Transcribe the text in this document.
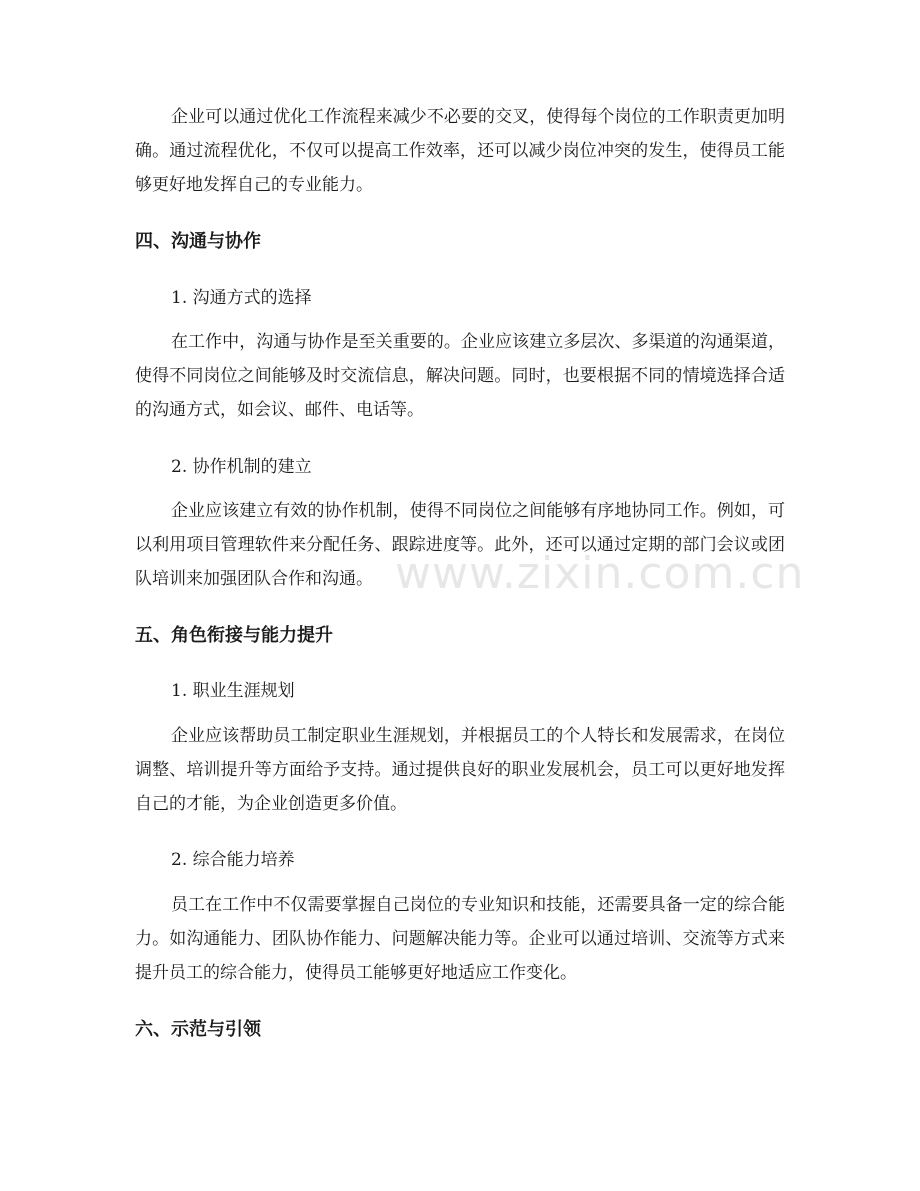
企业可以通过优化工作流程来减少不必要的交叉，使得每个岗位的工作职责更加明确。通过流程优化，不仅可以提高工作效率，还可以减少岗位冲突的发生，使得员工能够更好地发挥自己的专业能力。

四、沟通与协作

1. 沟通方式的选择

在工作中，沟通与协作是至关重要的。企业应该建立多层次、多渠道的沟通渠道，使得不同岗位之间能够及时交流信息，解决问题。同时，也要根据不同的情境选择合适的沟通方式，如会议、邮件、电话等。

2. 协作机制的建立

企业应该建立有效的协作机制，使得不同岗位之间能够有序地协同工作。例如，可以利用项目管理软件来分配任务、跟踪进度等。此外，还可以通过定期的部门会议或团队培训来加强团队合作和沟通。

五、角色衔接与能力提升

1. 职业生涯规划

企业应该帮助员工制定职业生涯规划，并根据员工的个人特长和发展需求，在岗位调整、培训提升等方面给予支持。通过提供良好的职业发展机会，员工可以更好地发挥自己的才能，为企业创造更多价值。

2. 综合能力培养

员工在工作中不仅需要掌握自己岗位的专业知识和技能，还需要具备一定的综合能力。如沟通能力、团队协作能力、问题解决能力等。企业可以通过培训、交流等方式来提升员工的综合能力，使得员工能够更好地适应工作变化。

六、示范与引领
www.zixin.com.cn
